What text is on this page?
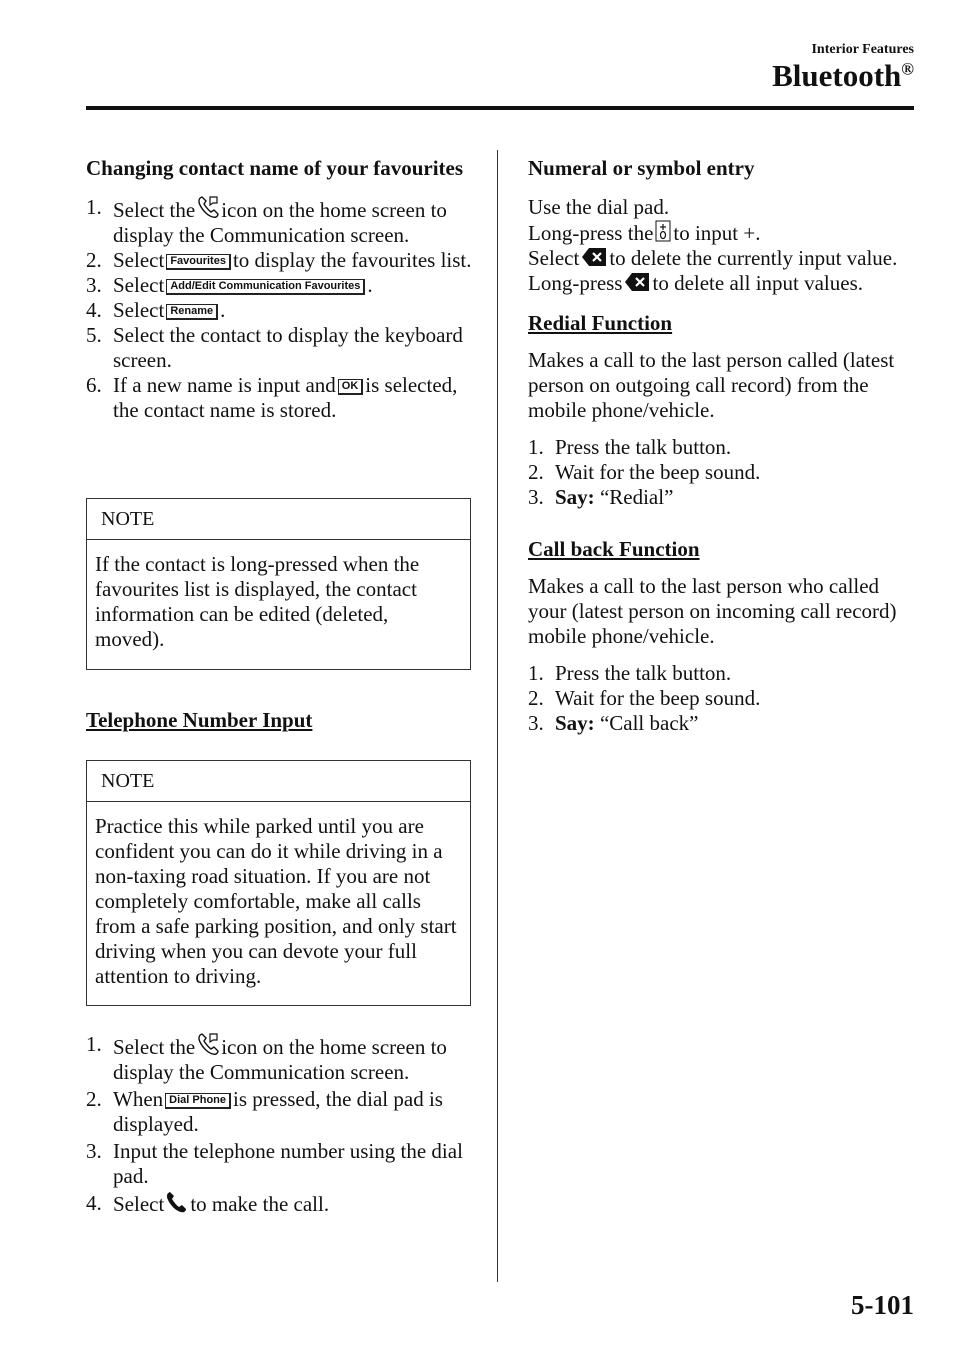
Interior Features
Bluetooth®
Changing contact name of your favourites
1. Select the icon on the home screen to display the Communication screen.
2. Select Favourites to display the favourites list.
3. Select Add/Edit Communication Favourites .
4. Select Rename .
5. Select the contact to display the keyboard screen.
6. If a new name is input and OK is selected, the contact name is stored.
NOTE
If the contact is long-pressed when the favourites list is displayed, the contact information can be edited (deleted, moved).
Telephone Number Input
NOTE
Practice this while parked until you are confident you can do it while driving in a non-taxing road situation. If you are not completely comfortable, make all calls from a safe parking position, and only start driving when you can devote your full attention to driving.
1. Select the icon on the home screen to display the Communication screen.
2. When Dial Phone is pressed, the dial pad is displayed.
3. Input the telephone number using the dial pad.
4. Select to make the call.
Numeral or symbol entry
Use the dial pad.
Long-press the to input +.
Select to delete the currently input value.
Long-press to delete all input values.
Redial Function
Makes a call to the last person called (latest person on outgoing call record) from the mobile phone/vehicle.
1. Press the talk button.
2. Wait for the beep sound.
3. Say: “Redial”
Call back Function
Makes a call to the last person who called your (latest person on incoming call record) mobile phone/vehicle.
1. Press the talk button.
2. Wait for the beep sound.
3. Say: “Call back”
5-101
